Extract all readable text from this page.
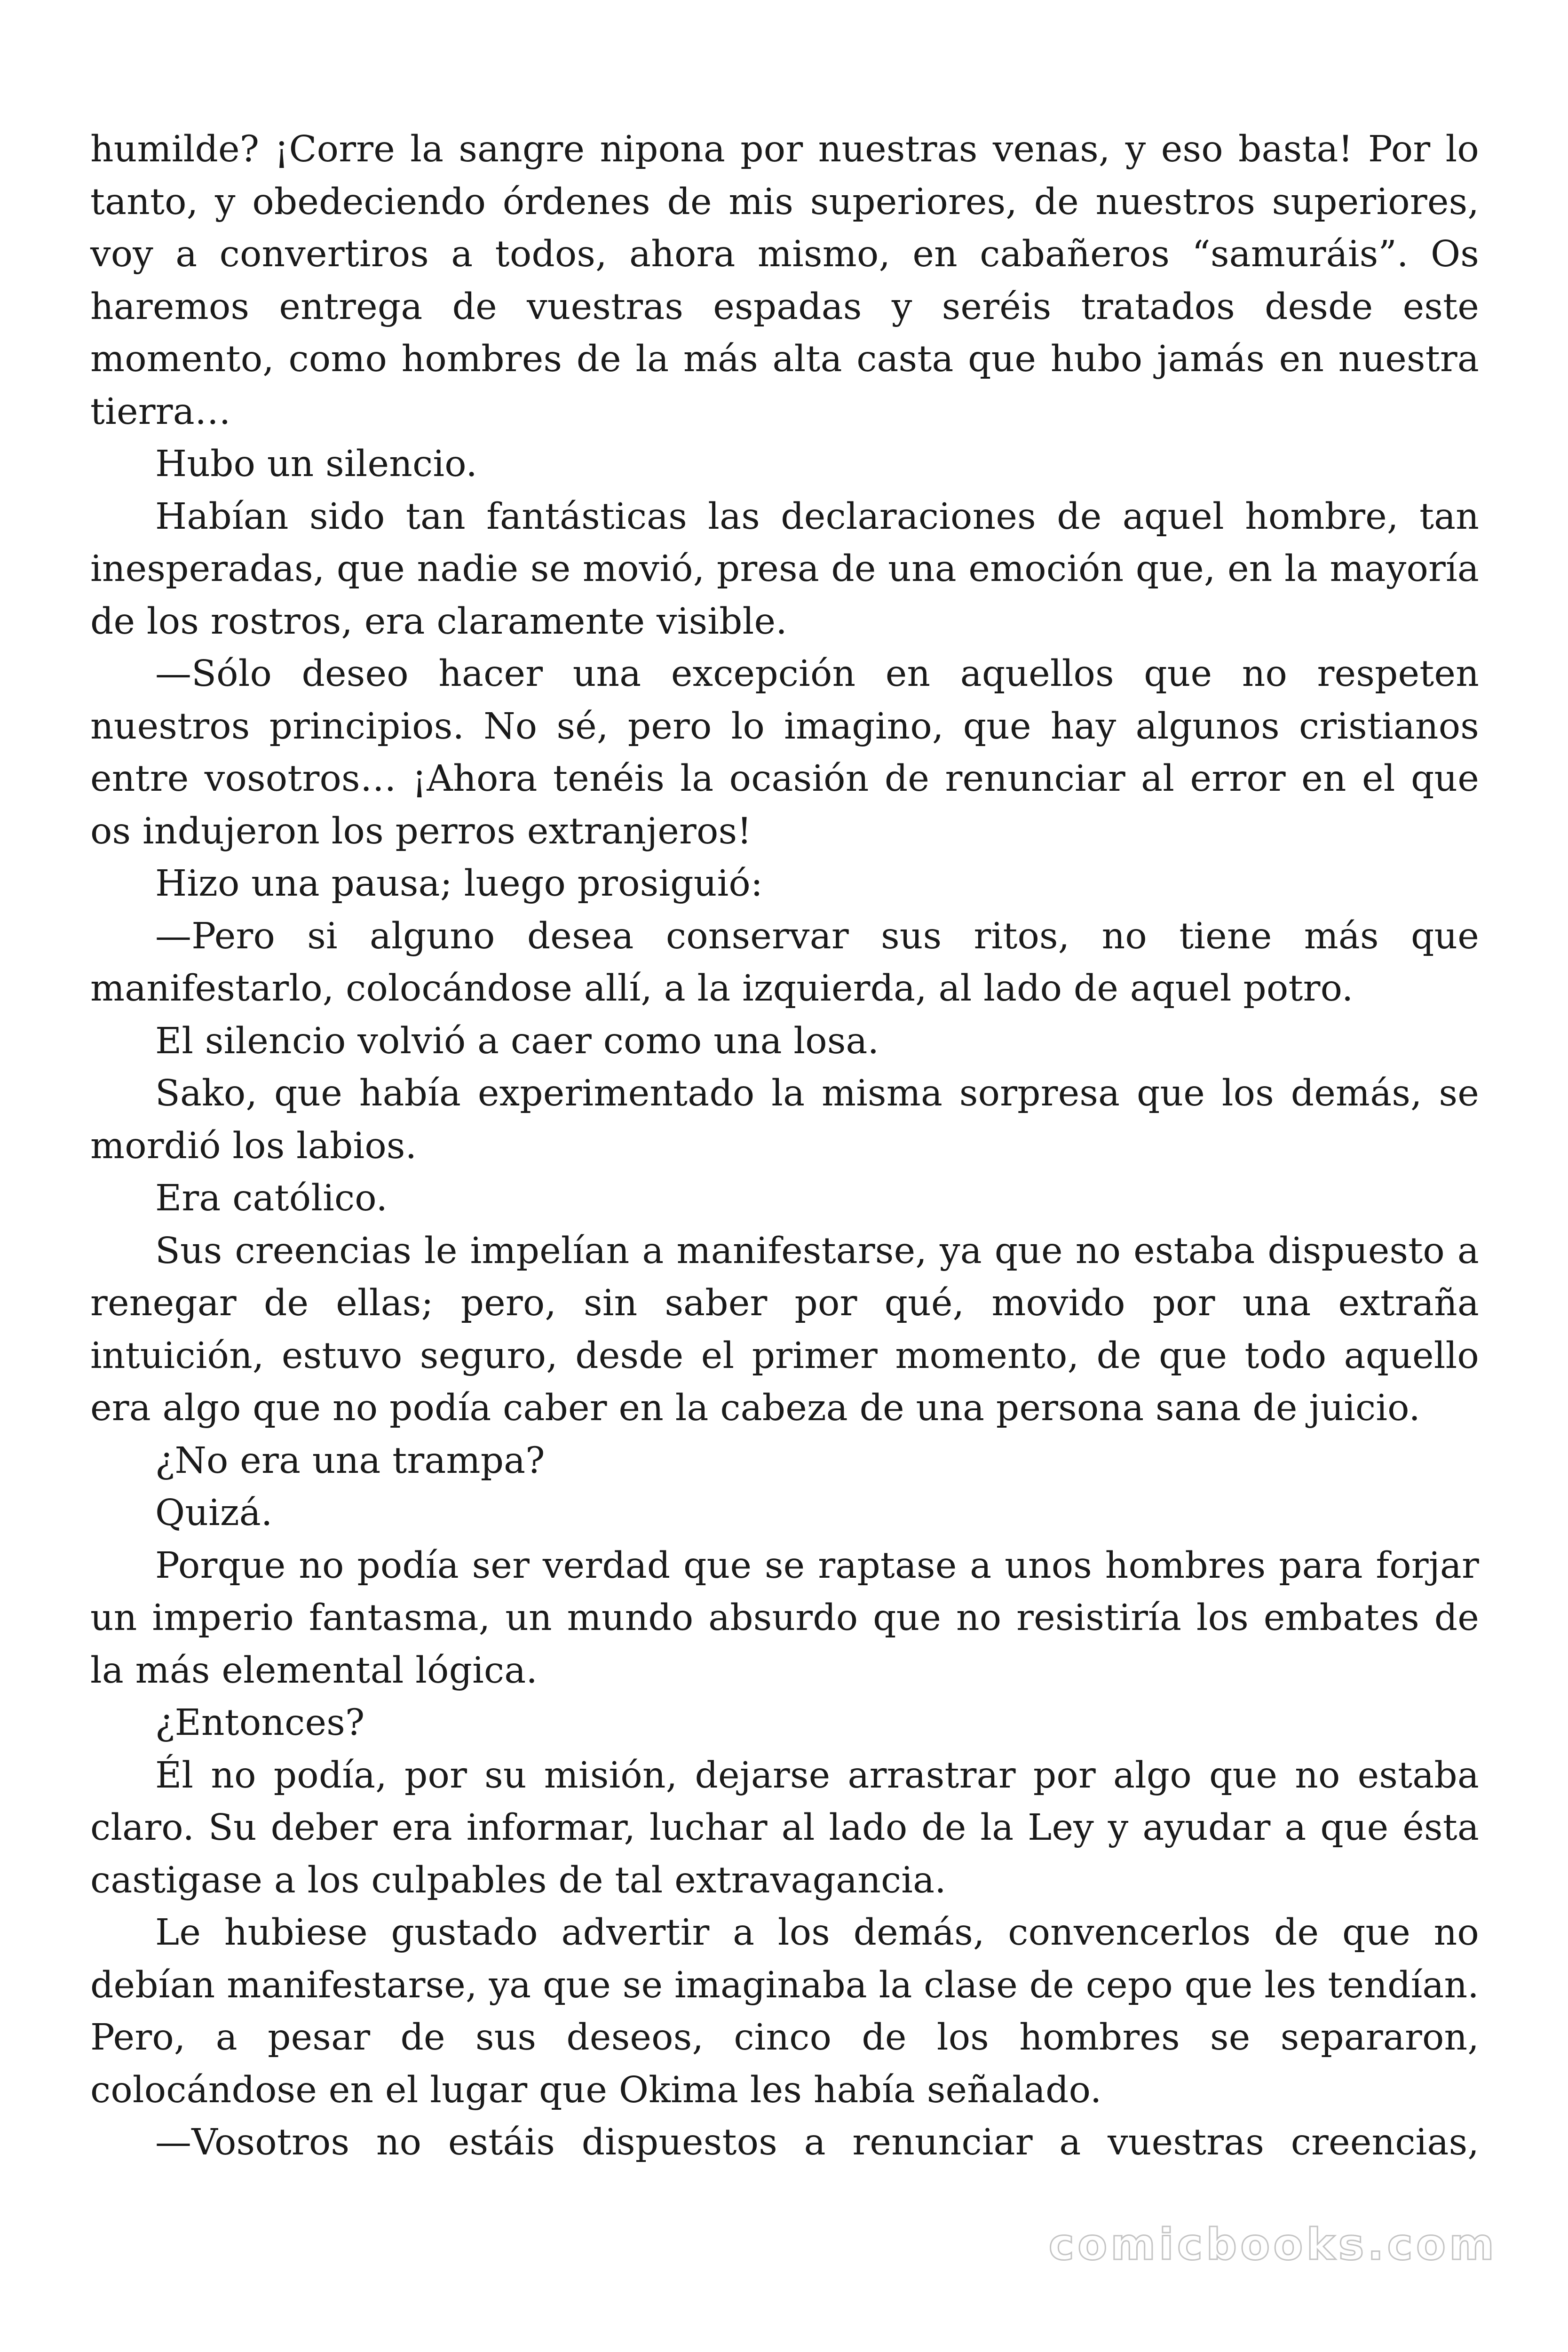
humilde? ¡Corre la sangre nipona por nuestras venas, y eso basta! Por lo tanto, y obedeciendo órdenes de mis superiores, de nuestros superiores, voy a convertiros a todos, ahora mismo, en cabañeros “samuráis”. Os haremos entrega de vuestras espadas y seréis tratados desde este momento, como hombres de la más alta casta que hubo jamás en nuestra tierra…

Hubo un silencio.

Habían sido tan fantásticas las declaraciones de aquel hombre, tan inesperadas, que nadie se movió, presa de una emoción que, en la mayoría de los rostros, era claramente visible.

—Sólo deseo hacer una excepción en aquellos que no respeten nuestros principios. No sé, pero lo imagino, que hay algunos cristianos entre vosotros… ¡Ahora tenéis la ocasión de renunciar al error en el que os indujeron los perros extranjeros!

Hizo una pausa; luego prosiguió:

—Pero si alguno desea conservar sus ritos, no tiene más que manifestarlo, colocándose allí, a la izquierda, al lado de aquel potro.

El silencio volvió a caer como una losa.

Sako, que había experimentado la misma sorpresa que los demás, se mordió los labios.

Era católico.

Sus creencias le impelían a manifestarse, ya que no estaba dispuesto a renegar de ellas; pero, sin saber por qué, movido por una extraña intuición, estuvo seguro, desde el primer momento, de que todo aquello era algo que no podía caber en la cabeza de una persona sana de juicio.

¿No era una trampa?

Quizá.

Porque no podía ser verdad que se raptase a unos hombres para forjar un imperio fantasma, un mundo absurdo que no resistiría los embates de la más elemental lógica.

¿Entonces?

Él no podía, por su misión, dejarse arrastrar por algo que no estaba claro. Su deber era informar, luchar al lado de la Ley y ayudar a que ésta castigase a los culpables de tal extravagancia.

Le hubiese gustado advertir a los demás, convencerlos de que no debían manifestarse, ya que se imaginaba la clase de cepo que les tendían. Pero, a pesar de sus deseos, cinco de los hombres se separaron, colocándose en el lugar que Okima les había señalado.

—Vosotros no estáis dispuestos a renunciar a vuestras creencias,

comicbooks.com
